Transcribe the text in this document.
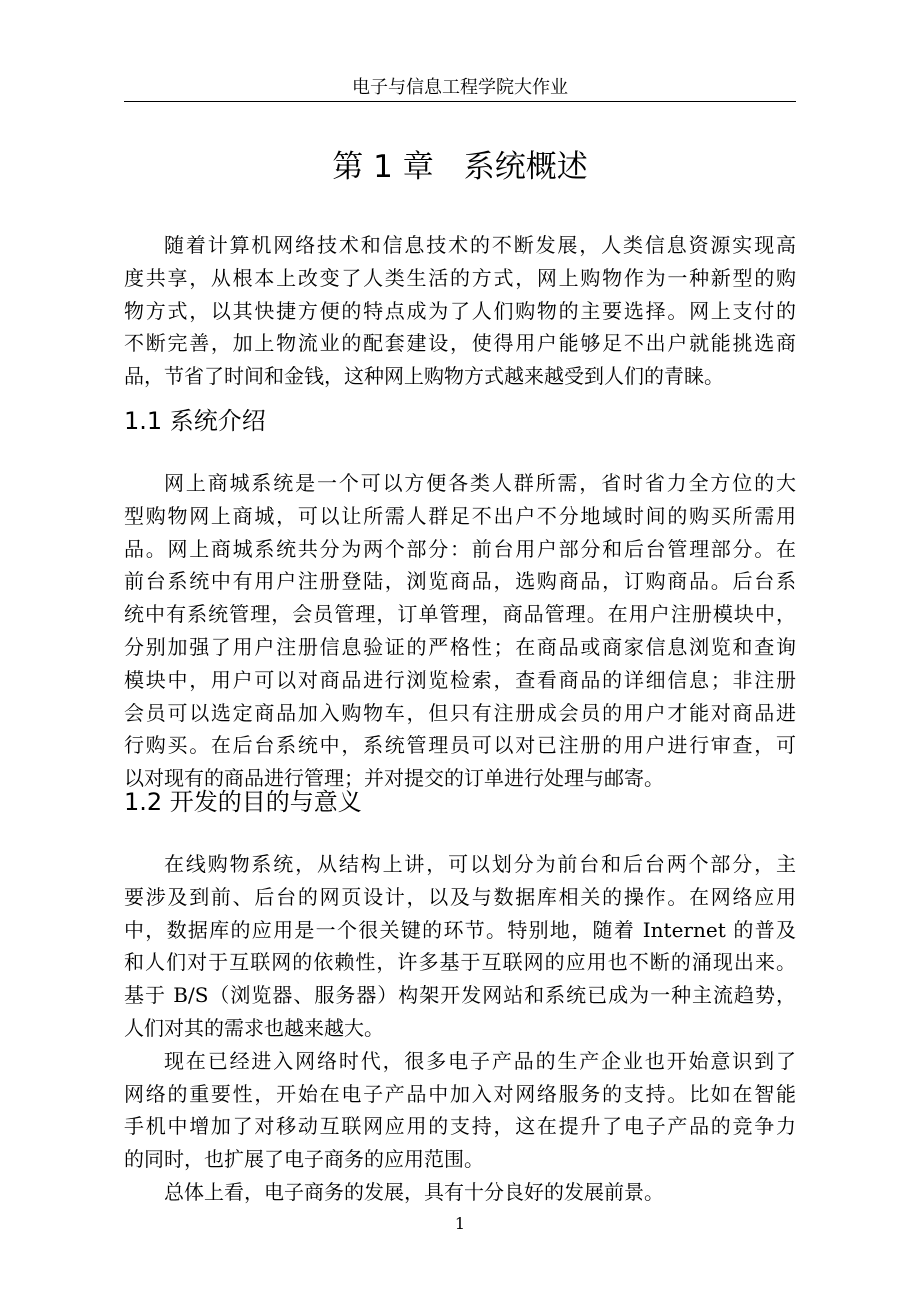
电子与信息工程学院大作业
第 1 章 系统概述
随着计算机网络技术和信息技术的不断发展，人类信息资源实现高
度共享，从根本上改变了人类生活的方式，网上购物作为一种新型的购
物方式，以其快捷方便的特点成为了人们购物的主要选择。网上支付的
不断完善，加上物流业的配套建设，使得用户能够足不出户就能挑选商
品，节省了时间和金钱，这种网上购物方式越来越受到人们的青睐。
1.1 系统介绍
网上商城系统是一个可以方便各类人群所需，省时省力全方位的大
型购物网上商城，可以让所需人群足不出户不分地域时间的购买所需用
品。网上商城系统共分为两个部分：前台用户部分和后台管理部分。在
前台系统中有用户注册登陆，浏览商品，选购商品，订购商品。后台系
统中有系统管理，会员管理，订单管理，商品管理。在用户注册模块中，
分别加强了用户注册信息验证的严格性；在商品或商家信息浏览和查询
模块中，用户可以对商品进行浏览检索，查看商品的详细信息；非注册
会员可以选定商品加入购物车，但只有注册成会员的用户才能对商品进
行购买。在后台系统中，系统管理员可以对已注册的用户进行审查，可
以对现有的商品进行管理；并对提交的订单进行处理与邮寄。
1.2 开发的目的与意义
在线购物系统，从结构上讲，可以划分为前台和后台两个部分，主
要涉及到前、后台的网页设计，以及与数据库相关的操作。在网络应用
中，数据库的应用是一个很关键的环节。特别地，随着 Internet 的普及
和人们对于互联网的依赖性，许多基于互联网的应用也不断的涌现出来。
基于 B/S（浏览器、服务器）构架开发网站和系统已成为一种主流趋势，
人们对其的需求也越来越大。
现在已经进入网络时代，很多电子产品的生产企业也开始意识到了
网络的重要性，开始在电子产品中加入对网络服务的支持。比如在智能
手机中增加了对移动互联网应用的支持，这在提升了电子产品的竞争力
的同时，也扩展了电子商务的应用范围。
总体上看，电子商务的发展，具有十分良好的发展前景。
1
